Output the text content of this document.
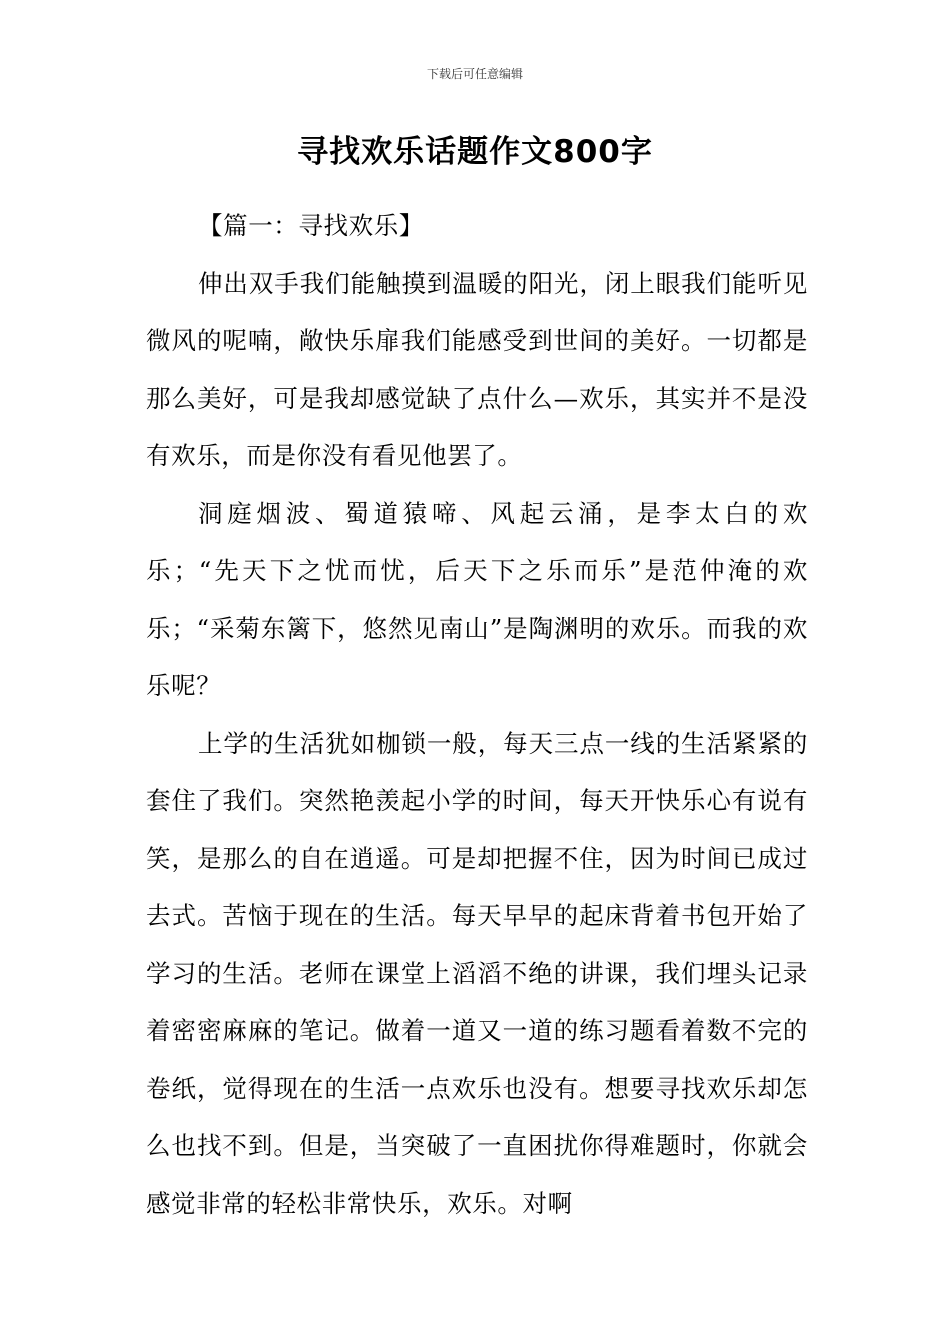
下载后可任意编辑
寻找欢乐话题作文800字

【篇一：寻找欢乐】

伸出双手我们能触摸到温暖的阳光，闭上眼我们能听见微风的呢喃，敞快乐扉我们能感受到世间的美好。一切都是那么美好，可是我却感觉缺了点什么—欢乐，其实并不是没有欢乐，而是你没有看见他罢了。

洞庭烟波、蜀道猿啼、风起云涌，是李太白的欢乐；“先天下之忧而忧，后天下之乐而乐”是范仲淹的欢乐；“采菊东篱下，悠然见南山”是陶渊明的欢乐。而我的欢乐呢？

上学的生活犹如枷锁一般，每天三点一线的生活紧紧的套住了我们。突然艳羡起小学的时间，每天开快乐心有说有笑，是那么的自在逍遥。可是却把握不住，因为时间已成过去式。苦恼于现在的生活。每天早早的起床背着书包开始了学习的生活。老师在课堂上滔滔不绝的讲课，我们埋头记录着密密麻麻的笔记。做着一道又一道的练习题看着数不完的卷纸，觉得现在的生活一点欢乐也没有。想要寻找欢乐却怎么也找不到。但是，当突破了一直困扰你得难题时，你就会感觉非常的轻松非常快乐，欢乐。对啊
